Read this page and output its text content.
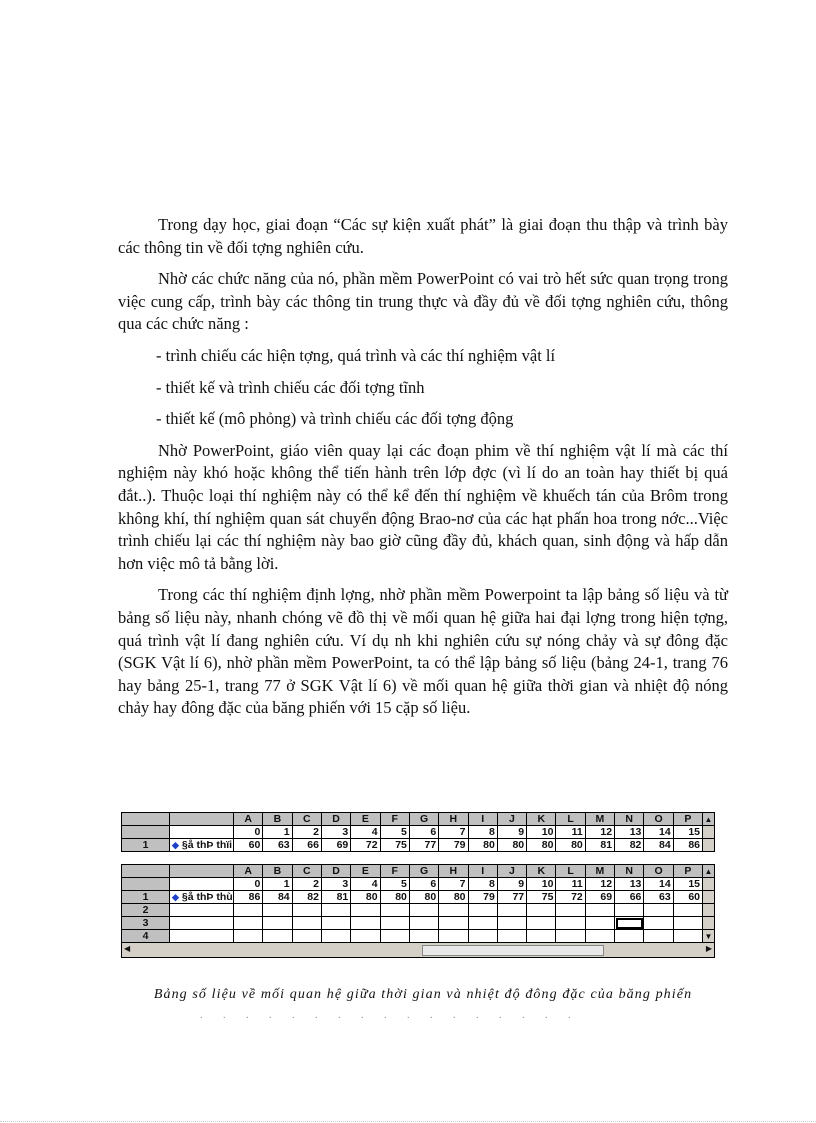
Trong dạy học, giai đoạn “Các sự kiện xuất phát” là giai đoạn thu thập và trình bày các thông tin về đối tợng nghiên cứu.

Nhờ các chức năng của nó, phần mềm PowerPoint có vai trò hết sức quan trọng trong việc cung cấp, trình bày các thông tin trung thực và đầy đủ về đối tợng nghiên cứu, thông qua các chức năng :

- trình chiếu các hiện tợng, quá trình và các thí nghiệm vật lí

- thiết kế và trình chiếu các đối tợng tĩnh

- thiết kế (mô phỏng) và trình chiếu các đối tợng động

Nhờ PowerPoint, giáo viên quay lại các đoạn phim về thí nghiệm vật lí mà các thí nghiệm này khó hoặc không thể tiến hành trên lớp đợc (vì lí do an toàn hay thiết bị quá đắt..). Thuộc loại thí nghiệm này có thể kể đến thí nghiệm về khuếch tán của Brôm trong không khí, thí nghiệm quan sát chuyển động Brao-nơ của các hạt phấn hoa trong nớc...Việc trình chiếu lại các thí nghiệm này bao giờ cũng đầy đủ, khách quan, sinh động và hấp dẫn hơn việc mô tả bằng lời.

Trong các thí nghiệm định lợng, nhờ phần mềm Powerpoint ta lập bảng số liệu và từ bảng số liệu này, nhanh chóng vẽ đồ thị về mối quan hệ giữa hai đại lợng trong hiện tợng, quá trình vật lí đang nghiên cứu. Ví dụ nh khi nghiên cứu sự nóng chảy và sự đông đặc (SGK Vật lí 6), nhờ phần mềm PowerPoint, ta có thể lập bảng số liệu (bảng 24-1, trang 76 hay bảng 25-1, trang 77 ở SGK Vật lí 6) về mối quan hệ giữa thời gian và nhiệt độ nóng chảy hay đông đặc của băng phiến với 15 cặp số liệu.

		A	B	C	D	E	F	G	H	I	J	K	L	M	N	O	P	▲
		0	1	2	3	4	5	6	7	8	9	10	11	12	13	14	15	
1	◆ §å thÞ thïi	60	63	66	69	72	75	77	79	80	80	80	80	81	82	84	86	
		A	B	C	D	E	F	G	H	I	J	K	L	M	N	O	P	▲
		0	1	2	3	4	5	6	7	8	9	10	11	12	13	14	15	
1	◆ §å thÞ thù	86	84	82	81	80	80	80	80	79	77	75	72	69	66	63	60	
2																		
3																		
4																		▼
◀	▶
Bảng số liệu về mối quan hệ giữa thời gian và nhiệt độ đông đặc của băng phiến
. . . . . . . . . . . . . . . . .
